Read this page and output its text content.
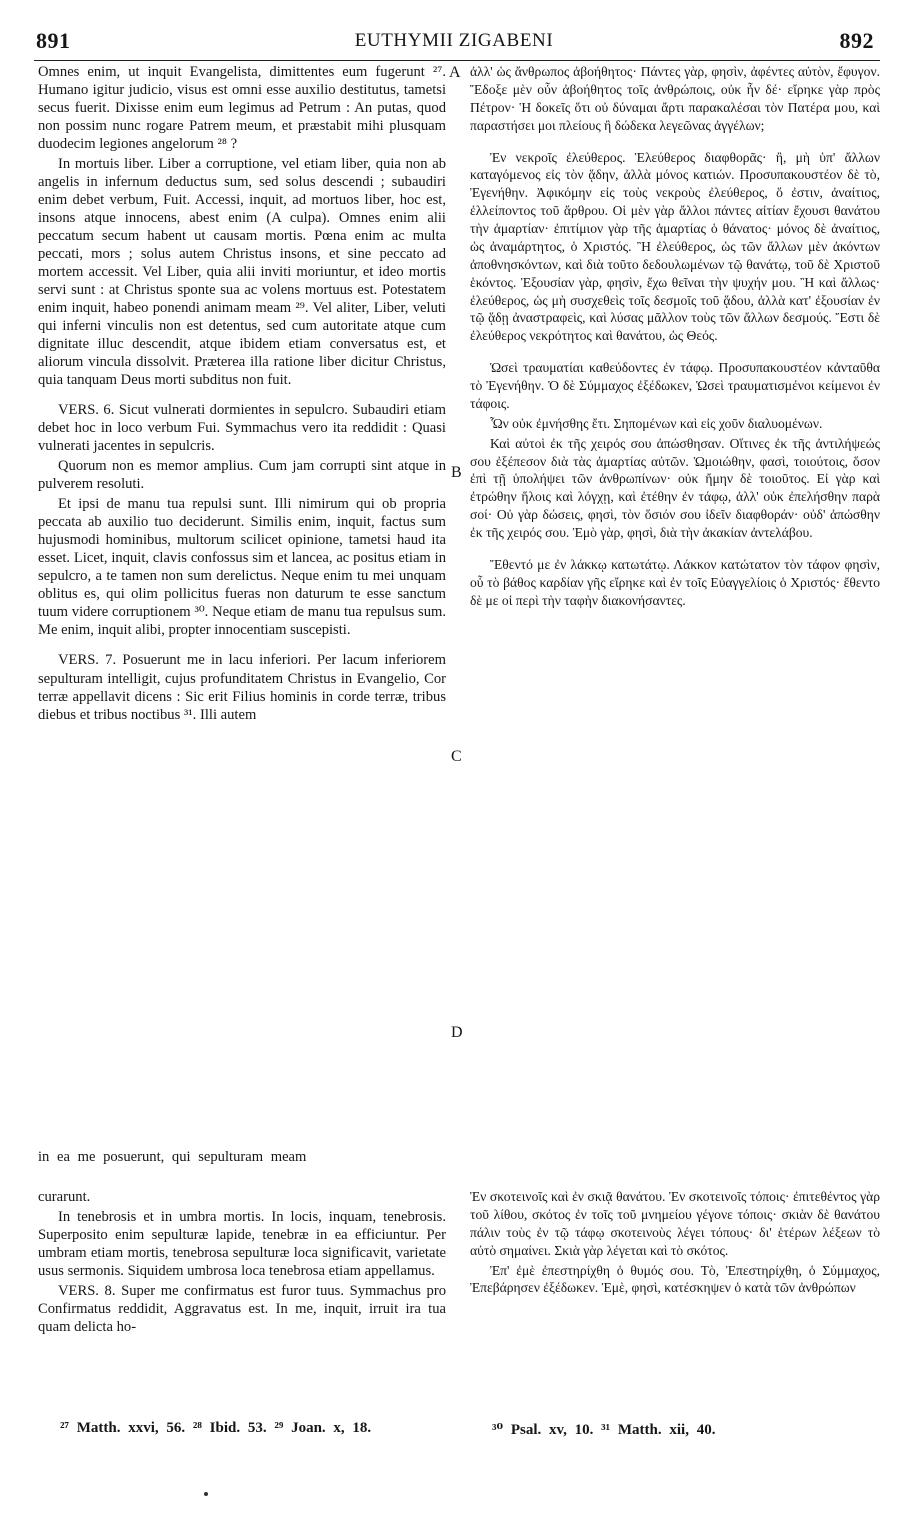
891	EUTHYMII ZIGABENI	892
A
B
C
D

Omnes enim, ut inquit Evangelista, dimittentes eum fugerunt ²⁷. Humano igitur judicio, visus est omni esse auxilio destitutus, tametsi secus fuerit. Dixisse enim eum legimus ad Petrum : An putas, quod non possim nunc rogare Patrem meum, et præstabit mihi plusquam duodecim legiones angelorum ²⁸ ?

In mortuis liber. Liber a corruptione, vel etiam liber, quia non ab angelis in infernum deductus sum, sed solus descendi ; subaudiri enim debet verbum, Fuit. Accessi, inquit, ad mortuos liber, hoc est, insons atque innocens, abest enim (A culpa). Omnes enim alii peccatum secum habent ut causam mortis. Pœna enim ac multa peccati, mors ; solus autem Christus insons, et sine peccato ad mortem accessit. Vel Liber, quia alii inviti moriuntur, et ideo mortis servi sunt : at Christus sponte sua ac volens mortuus est. Potestatem enim inquit, habeo ponendi animam meam ²⁹. Vel aliter, Liber, veluti qui inferni vinculis non est detentus, sed cum autoritate atque cum dignitate illuc descendit, atque ibidem etiam conversatus est, et aliorum vincula dissolvit. Præterea illa ratione liber dicitur Christus, quia tanquam Deus morti subditus non fuit.

VERS. 6. Sicut vulnerati dormientes in sepulcro. Subaudiri etiam debet hoc in loco verbum Fui. Symmachus vero ita reddidit : Quasi vulnerati jacentes in sepulcris.

Quorum non es memor amplius. Cum jam corrupti sint atque in pulverem resoluti.

Et ipsi de manu tua repulsi sunt. Illi nimirum qui ob propria peccata ab auxilio tuo deciderunt. Similis enim, inquit, factus sum hujusmodi hominibus, multorum scilicet opinione, tametsi haud ita esset. Licet, inquit, clavis confossus sim et lancea, ac positus etiam in sepulcro, a te tamen non sum derelictus. Neque enim tu mei unquam oblitus es, qui olim pollicitus fueras non daturum te esse sanctum tuum videre corruptionem ³⁰. Neque etiam de manu tua repulsus sum. Me enim, inquit alibi, propter innocentiam suscepisti.

VERS. 7. Posuerunt me in lacu inferiori. Per lacum inferiorem sepulturam intelligit, cujus profunditatem Christus in Evangelio, Cor terræ appellavit dicens : Sic erit Filius hominis in corde terræ, tribus diebus et tribus noctibus ³¹. Illi autem

ἀλλ' ὡς ἄνθρωπος ἀβοήθητος· Πάντες γὰρ, φησὶν, ἀφέντες αὐτὸν, ἔφυγον. Ἔδοξε μὲν οὖν ἀβοήθητος τοῖς ἀνθρώποις, οὐκ ἦν δέ· εἴρηκε γὰρ πρὸς Πέτρον· Ἡ δοκεῖς ὅτι οὐ δύναμαι ἄρτι παρακαλέσαι τὸν Πατέρα μου, καὶ παραστήσει μοι πλείους ἢ δώδεκα λεγεῶνας ἀγγέλων;

Ἐν νεκροῖς ἐλεύθερος. Ἐλεύθερος διαφθορᾶς· ἢ, μὴ ὑπ' ἄλλων καταγόμενος εἰς τὸν ᾅδην, ἀλλὰ μόνος κατιών. Προσυπακουστέον δὲ τὸ, Ἐγενήθην. Ἀφικόμην εἰς τοὺς νεκροὺς ἐλεύθερος, ὅ ἐστιν, ἀναίτιος, ἐλλείποντος τοῦ ἄρθρου. Οἱ μὲν γὰρ ἄλλοι πάντες αἰτίαν ἔχουσι θανάτου τὴν ἁμαρτίαν· ἐπιτίμιον γὰρ τῆς ἁμαρτίας ὁ θάνατος· μόνος δὲ ἀναίτιος, ὡς ἀναμάρτητος, ὁ Χριστός. Ἢ ἐλεύθερος, ὡς τῶν ἄλλων μὲν ἀκόντων ἀποθνησκόντων, καὶ διὰ τοῦτο δεδουλωμένων τῷ θανάτῳ, τοῦ δὲ Χριστοῦ ἑκόντος. Ἐξουσίαν γὰρ, φησὶν, ἔχω θεῖναι τὴν ψυχήν μου. Ἢ καὶ ἄλλως· ἐλεύθερος, ὡς μὴ συσχεθεὶς τοῖς δεσμοῖς τοῦ ᾅδου, ἀλλὰ κατ' ἐξουσίαν ἐν τῷ ᾅδῃ ἀναστραφεὶς, καὶ λύσας μᾶλλον τοὺς τῶν ἄλλων δεσμούς. Ἔστι δὲ ἐλεύθερος νεκρότητος καὶ θανάτου, ὡς Θεός.

Ὡσεὶ τραυματίαι καθεύδοντες ἐν τάφῳ. Προσυπακουστέον κἀνταῦθα τὸ Ἐγενήθην. Ὁ δὲ Σύμμαχος ἐξέδωκεν, Ὡσεὶ τραυματισμένοι κείμενοι ἐν τάφοις.

Ὧν οὐκ ἐμνήσθης ἔτι. Σηπομένων καὶ εἰς χοῦν διαλυομένων.

Καὶ αὐτοὶ ἐκ τῆς χειρός σου ἀπώσθησαν. Οἵτινες ἐκ τῆς ἀντιλήψεώς σου ἐξέπεσον διὰ τὰς ἁμαρτίας αὐτῶν. Ὡμοιώθην, φασὶ, τοιούτοις, ὅσον ἐπὶ τῇ ὑπολήψει τῶν ἀνθρωπίνων· οὐκ ἤμην δὲ τοιοῦτος. Εἰ γὰρ καὶ ἐτρώθην ἥλοις καὶ λόγχῃ, καὶ ἐτέθην ἐν τάφῳ, ἀλλ' οὐκ ἐπελήσθην παρὰ σοί· Οὐ γὰρ δώσεις, φησὶ, τὸν ὅσιόν σου ἰδεῖν διαφθοράν· οὐδ' ἀπώσθην ἐκ τῆς χειρός σου. Ἐμὸ γὰρ, φησὶ, διὰ τὴν ἀκακίαν ἀντελάβου.

Ἔθεντό με ἐν λάκκῳ κατωτάτῳ. Λάκκον κατώτατον τὸν τάφον φησὶν, οὗ τὸ βάθος καρδίαν γῆς εἴρηκε καὶ ἐν τοῖς Εὐαγγελίοις ὁ Χριστός· ἔθεντο δὲ με οἱ περὶ τὴν ταφὴν διακονήσαντες.

in ea me posuerunt, qui sepulturam meam

curarunt.

In tenebrosis et in umbra mortis. In locis, inquam, tenebrosis. Superposito enim sepulturæ lapide, tenebræ in ea efficiuntur. Per umbram etiam mortis, tenebrosa sepulturæ loca significavit, varietate usus sermonis. Siquidem umbrosa loca tenebrosa etiam appellamus.

VERS. 8. Super me confirmatus est furor tuus. Symmachus pro Confirmatus reddidit, Aggravatus est. In me, inquit, irruit ira tua quam delicta ho-

Ἐν σκοτεινοῖς καὶ ἐν σκιᾷ θανάτου. Ἐν σκοτεινοῖς τόποις· ἐπιτεθέντος γὰρ τοῦ λίθου, σκότος ἐν τοῖς τοῦ μνημείου γέγονε τόποις· σκιὰν δὲ θανάτου πάλιν τοὺς ἐν τῷ τάφῳ σκοτεινοὺς λέγει τόπους· δι' ἑτέρων λέξεων τὸ αὐτὸ σημαίνει. Σκιὰ γὰρ λέγεται καὶ τὸ σκότος.

Ἐπ' ἐμὲ ἐπεστηρίχθη ὁ θυμός σου. Τὸ, Ἐπεστηρίχθη, ὁ Σύμμαχος, Ἐπεβάρησεν ἐξέδωκεν. Ἐμὲ, φησὶ, κατέσκηψεν ὁ κατὰ τῶν ἀνθρώπων

²⁷ Matth. xxvi, 56. ²⁸ Ibid. 53. ²⁹ Joan. x, 18.	³⁰ Psal. xv, 10. ³¹ Matth. xii, 40.
